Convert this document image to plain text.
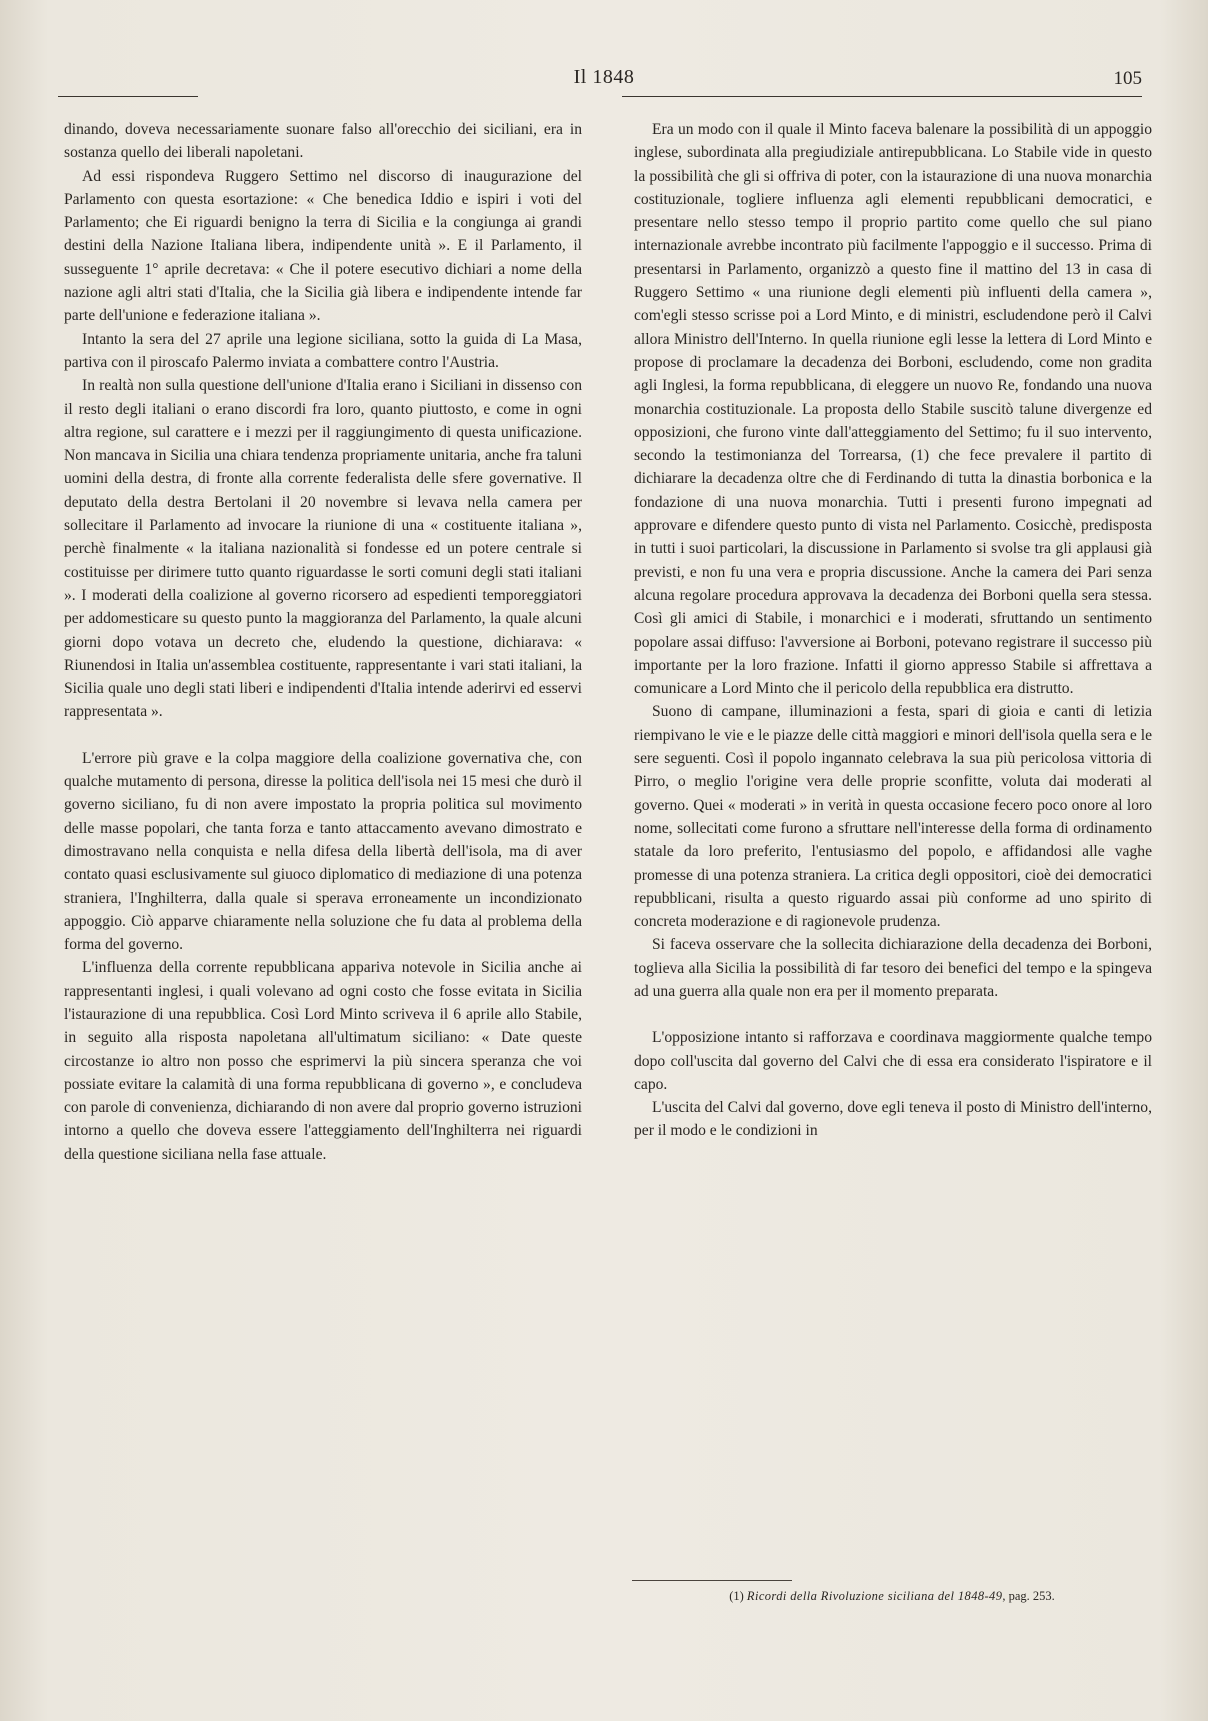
Il 1848	105

dinando, doveva necessariamente suonare falso all'orecchio dei siciliani, era in sostanza quello dei liberali napoletani.

Ad essi rispondeva Ruggero Settimo nel discorso di inaugurazione del Parlamento con questa esortazione: « Che benedica Iddio e ispiri i voti del Parlamento; che Ei riguardi benigno la terra di Sicilia e la congiunga ai grandi destini della Nazione Italiana libera, indipendente unità ». E il Parlamento, il susseguente 1° aprile decretava: « Che il potere esecutivo dichiari a nome della nazione agli altri stati d'Italia, che la Sicilia già libera e indipendente intende far parte dell'unione e federazione italiana ».

Intanto la sera del 27 aprile una legione siciliana, sotto la guida di La Masa, partiva con il piroscafo Palermo inviata a combattere contro l'Austria.

In realtà non sulla questione dell'unione d'Italia erano i Siciliani in dissenso con il resto degli italiani o erano discordi fra loro, quanto piuttosto, e come in ogni altra regione, sul carattere e i mezzi per il raggiungimento di questa unificazione. Non mancava in Sicilia una chiara tendenza propriamente unitaria, anche fra taluni uomini della destra, di fronte alla corrente federalista delle sfere governative. Il deputato della destra Bertolani il 20 novembre si levava nella camera per sollecitare il Parlamento ad invocare la riunione di una « costituente italiana », perchè finalmente « la italiana nazionalità si fondesse ed un potere centrale si costituisse per dirimere tutto quanto riguardasse le sorti comuni degli stati italiani ». I moderati della coalizione al governo ricorsero ad espedienti temporeggiatori per addomesticare su questo punto la maggioranza del Parlamento, la quale alcuni giorni dopo votava un decreto che, eludendo la questione, dichiarava: « Riunendosi in Italia un'assemblea costituente, rappresentante i vari stati italiani, la Sicilia quale uno degli stati liberi e indipendenti d'Italia intende aderirvi ed esservi rappresentata ».

L'errore più grave e la colpa maggiore della coalizione governativa che, con qualche mutamento di persona, diresse la politica dell'isola nei 15 mesi che durò il governo siciliano, fu di non avere impostato la propria politica sul movimento delle masse popolari, che tanta forza e tanto attaccamento avevano dimostrato e dimostravano nella conquista e nella difesa della libertà dell'isola, ma di aver contato quasi esclusivamente sul giuoco diplomatico di mediazione di una potenza straniera, l'Inghilterra, dalla quale si sperava erroneamente un incondizionato appoggio. Ciò apparve chiaramente nella soluzione che fu data al problema della forma del governo.

L'influenza della corrente repubblicana appariva notevole in Sicilia anche ai rappresentanti inglesi, i quali volevano ad ogni costo che fosse evitata in Sicilia l'istaurazione di una repubblica. Così Lord Minto scriveva il 6 aprile allo Stabile, in seguito alla risposta napoletana all'ultimatum siciliano: « Date queste circostanze io altro non posso che esprimervi la più sincera speranza che voi possiate evitare la calamità di una forma repubblicana di governo », e concludeva con parole di convenienza, dichiarando di non avere dal proprio governo istruzioni intorno a quello che doveva essere l'atteggiamento dell'Inghilterra nei riguardi della questione siciliana nella fase attuale.

Era un modo con il quale il Minto faceva balenare la possibilità di un appoggio inglese, subordinata alla pregiudiziale antirepubblicana. Lo Stabile vide in questo la possibilità che gli si offriva di poter, con la istaurazione di una nuova monarchia costituzionale, togliere influenza agli elementi repubblicani democratici, e presentare nello stesso tempo il proprio partito come quello che sul piano internazionale avrebbe incontrato più facilmente l'appoggio e il successo. Prima di presentarsi in Parlamento, organizzò a questo fine il mattino del 13 in casa di Ruggero Settimo « una riunione degli elementi più influenti della camera », com'egli stesso scrisse poi a Lord Minto, e di ministri, escludendone però il Calvi allora Ministro dell'Interno. In quella riunione egli lesse la lettera di Lord Minto e propose di proclamare la decadenza dei Borboni, escludendo, come non gradita agli Inglesi, la forma repubblicana, di eleggere un nuovo Re, fondando una nuova monarchia costituzionale. La proposta dello Stabile suscitò talune divergenze ed opposizioni, che furono vinte dall'atteggiamento del Settimo; fu il suo intervento, secondo la testimonianza del Torrearsa, (1) che fece prevalere il partito di dichiarare la decadenza oltre che di Ferdinando di tutta la dinastia borbonica e la fondazione di una nuova monarchia. Tutti i presenti furono impegnati ad approvare e difendere questo punto di vista nel Parlamento. Cosicchè, predisposta in tutti i suoi particolari, la discussione in Parlamento si svolse tra gli applausi già previsti, e non fu una vera e propria discussione. Anche la camera dei Pari senza alcuna regolare procedura approvava la decadenza dei Borboni quella sera stessa. Così gli amici di Stabile, i monarchici e i moderati, sfruttando un sentimento popolare assai diffuso: l'avversione ai Borboni, potevano registrare il successo più importante per la loro frazione. Infatti il giorno appresso Stabile si affrettava a comunicare a Lord Minto che il pericolo della repubblica era distrutto.

Suono di campane, illuminazioni a festa, spari di gioia e canti di letizia riempivano le vie e le piazze delle città maggiori e minori dell'isola quella sera e le sere seguenti. Così il popolo ingannato celebrava la sua più pericolosa vittoria di Pirro, o meglio l'origine vera delle proprie sconfitte, voluta dai moderati al governo. Quei « moderati » in verità in questa occasione fecero poco onore al loro nome, sollecitati come furono a sfruttare nell'interesse della forma di ordinamento statale da loro preferito, l'entusiasmo del popolo, e affidandosi alle vaghe promesse di una potenza straniera. La critica degli oppositori, cioè dei democratici repubblicani, risulta a questo riguardo assai più conforme ad uno spirito di concreta moderazione e di ragionevole prudenza.

Si faceva osservare che la sollecita dichiarazione della decadenza dei Borboni, toglieva alla Sicilia la possibilità di far tesoro dei benefici del tempo e la spingeva ad una guerra alla quale non era per il momento preparata.

L'opposizione intanto si rafforzava e coordinava maggiormente qualche tempo dopo coll'uscita dal governo del Calvi che di essa era considerato l'ispiratore e il capo.

L'uscita del Calvi dal governo, dove egli teneva il posto di Ministro dell'interno, per il modo e le condizioni in

(1) Ricordi della Rivoluzione siciliana del 1848-49, pag. 253.
